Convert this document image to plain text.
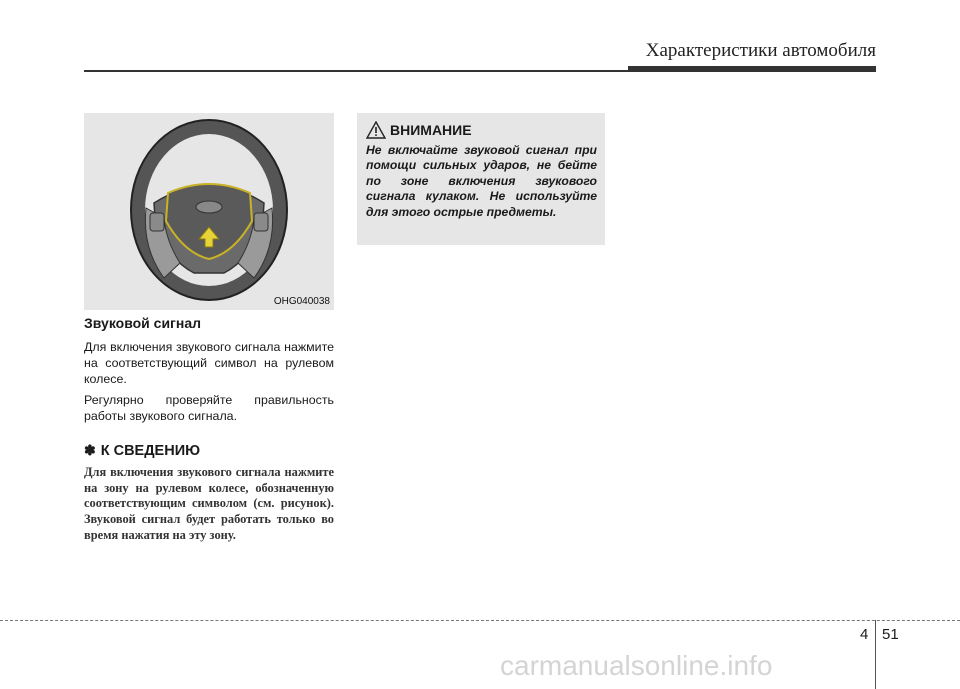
Характеристики автомобиля
OHG040038
Звуковой сигнал

Для включения звукового сигнала нажмите на соответствующий символ на рулевом колесе.

Регулярно проверяйте правильность работы звукового сигнала.

✽ К СВЕДЕНИЮ

Для включения звукового сигнала нажмите на зону на рулевом колесе, обозначенную соответствующим символом (см. рисунок). Звуковой сигнал будет работать только во время нажатия на эту зону.

ВНИМАНИЕ

Не включайте звуковой сигнал при помощи сильных ударов, не бейте по зоне включения звукового сигнала кулаком. Не используйте для этого острые предметы.

4 51
carmanualsonline.info
